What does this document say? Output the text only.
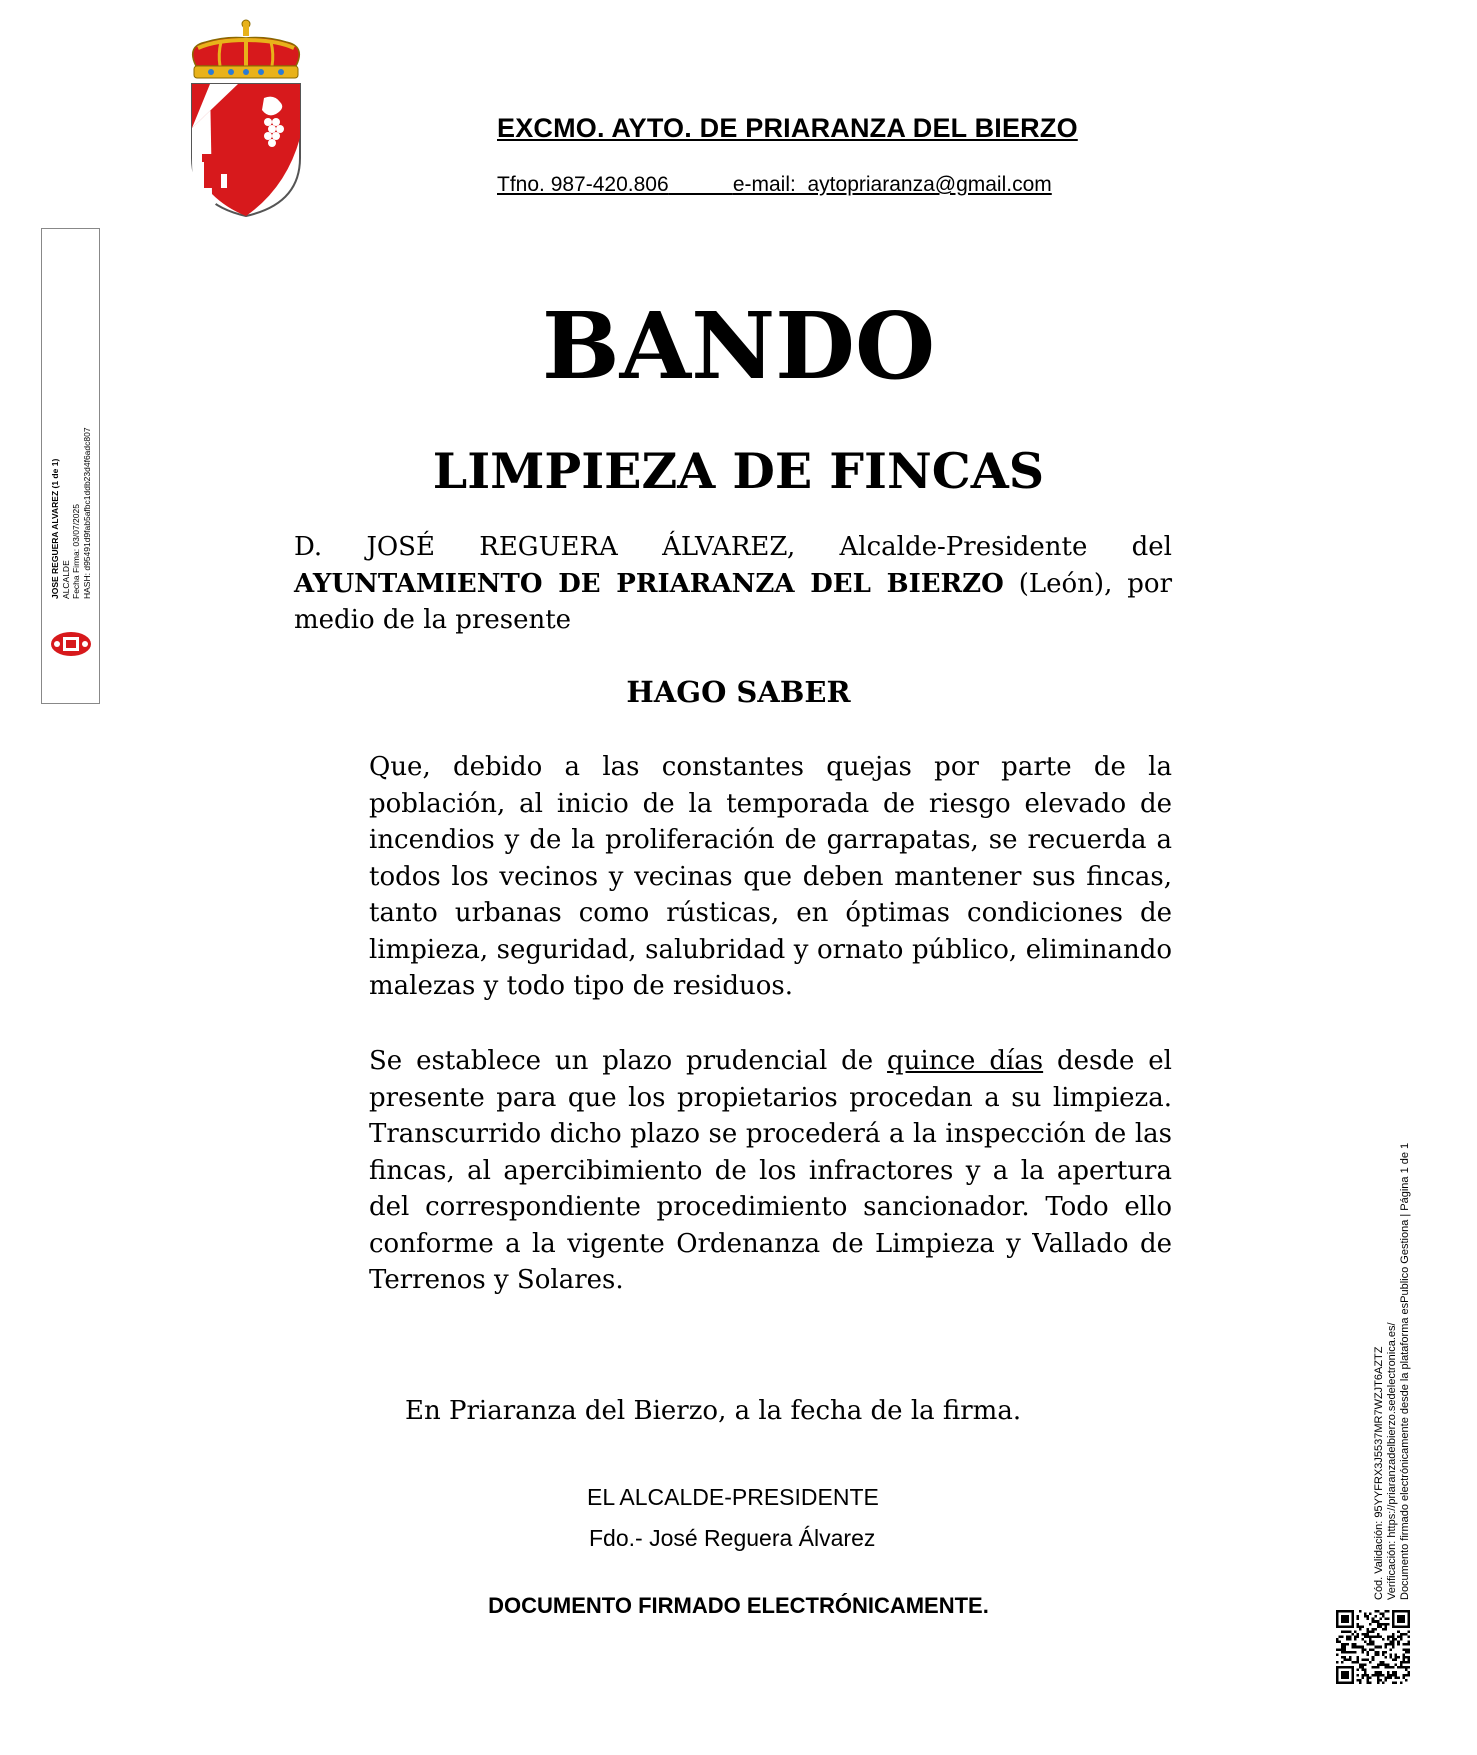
EXCMO. AYTO. DE PRIARANZA DEL BIERZO
Tfno. 987-420.806	e-mail:  aytopriaranza@gmail.com
BANDO
LIMPIEZA DE FINCAS
D. JOSÉ REGUERA ÁLVAREZ, Alcalde-Presidente del AYUNTAMIENTO DE PRIARANZA DEL BIERZO (León), por medio de la presente
HAGO SABER
Que, debido a las constantes quejas por parte de la población, al inicio de la temporada de riesgo elevado de incendios y de la proliferación de garrapatas, se recuerda a todos los vecinos y vecinas que deben mantener sus fincas, tanto urbanas como rústicas, en óptimas condiciones de limpieza, seguridad, salubridad y ornato público, eliminando malezas y todo tipo de residuos.
Se establece un plazo prudencial de quince días desde el presente para que los propietarios procedan a su limpieza. Transcurrido dicho plazo se procederá a la inspección de las fincas, al apercibimiento de los infractores y a la apertura del correspondiente procedimiento sancionador. Todo ello conforme a la vigente Ordenanza de Limpieza y Vallado de Terrenos y Solares.
En Priaranza del Bierzo, a la fecha de la firma.
EL ALCALDE-PRESIDENTE
Fdo.- José Reguera Álvarez
DOCUMENTO FIRMADO ELECTRÓNICAMENTE.
JOSE REGUERA ALVAREZ (1 de 1) ALCALDE Fecha Firma: 03/07/2025 HASH: d95491d9fab5afbc1ddb23d4f6adc807
Cód. Validación: 95YYFRX3J5537MR7WZJT6AZTZ Verificación: https://priaranzadelbierzo.sedelectronica.es/ Documento firmado electrónicamente desde la plataforma esPublico Gestiona | Página 1 de 1
